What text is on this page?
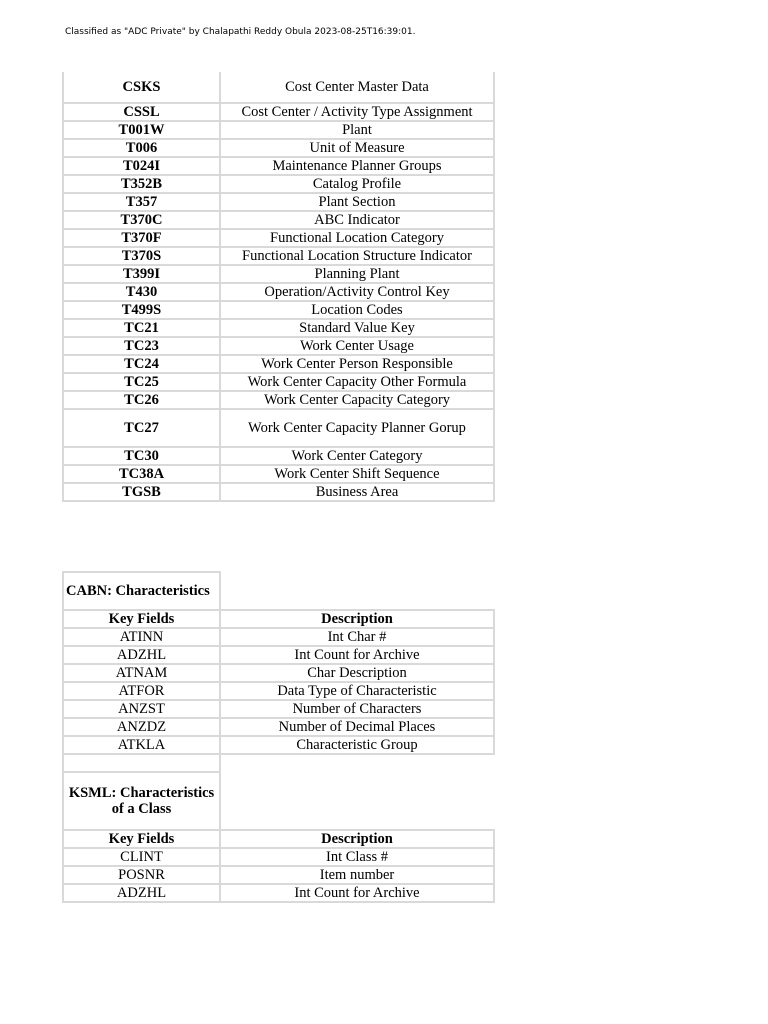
Classified as "ADC Private" by Chalapathi Reddy Obula 2023-08-25T16:39:01.
CSKS	Cost Center Master Data
CSSL	Cost Center / Activity Type Assignment
T001W	Plant
T006	Unit of Measure
T024I	Maintenance Planner Groups
T352B	Catalog Profile
T357	Plant Section
T370C	ABC Indicator
T370F	Functional Location Category
T370S	Functional Location Structure Indicator
T399I	Planning Plant
T430	Operation/Activity Control Key
T499S	Location Codes
TC21	Standard Value Key
TC23	Work Center Usage
TC24	Work Center Person Responsible
TC25	Work Center Capacity Other Formula
TC26	Work Center Capacity Category
TC27	Work Center Capacity Planner Gorup
TC30	Work Center Category
TC38A	Work Center Shift Sequence
TGSB	Business Area
CABN: Characteristics	
Key Fields	Description
ATINN	Int Char #
ADZHL	Int Count for Archive
ATNAM	Char Description
ATFOR	Data Type of Characteristic
ANZST	Number of Characters
ANZDZ	Number of Decimal Places
ATKLA	Characteristic Group

KSML: Characteristics of a Class	
Key Fields	Description
CLINT	Int Class #
POSNR	Item number
ADZHL	Int Count for Archive
